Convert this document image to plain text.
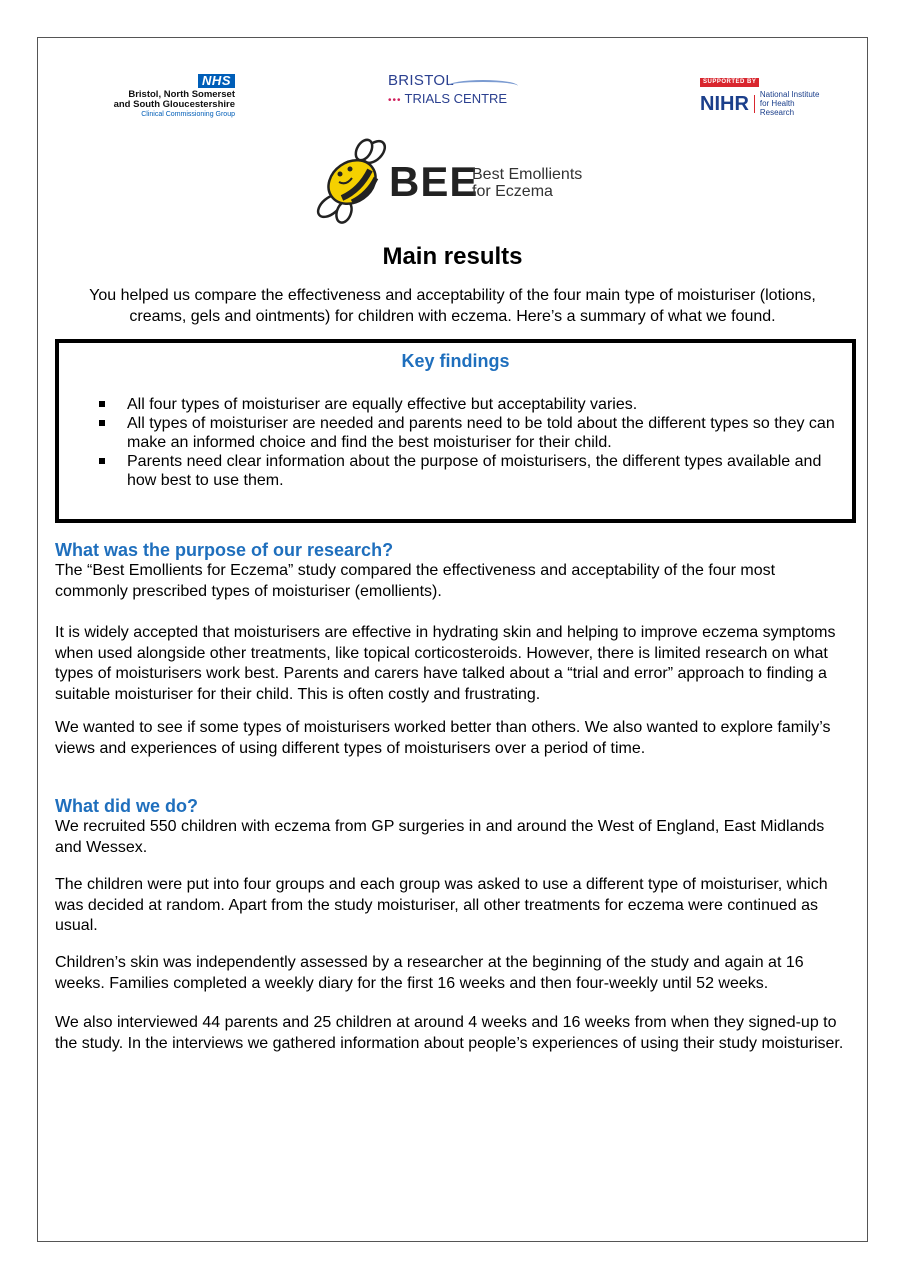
NHS
Bristol, North Somerset
and South Gloucestershire
Clinical Commissioning Group
BRISTOL
••• TRIALS CENTRE
SUPPORTED BY
NIHR National Institute
for Health Research
BEE
Best Emollients
for Eczema
Main results

You helped us compare the effectiveness and acceptability of the four main type of moisturiser (lotions, creams, gels and ointments) for children with eczema. Here’s a summary of what we found.

Key findings
All four types of moisturiser are equally effective but acceptability varies.
All types of moisturiser are needed and parents need to be told about the different types so they can make an informed choice and find the best moisturiser for their child.
Parents need clear information about the purpose of moisturisers, the different types available and how best to use them.
What was the purpose of our research?

The “Best Emollients for Eczema” study compared the effectiveness and acceptability of the four most commonly prescribed types of moisturiser (emollients).

It is widely accepted that moisturisers are effective in hydrating skin and helping to improve eczema symptoms when used alongside other treatments, like topical corticosteroids. However, there is limited research on what types of moisturisers work best. Parents and carers have talked about a “trial and error” approach to finding a suitable moisturiser for their child. This is often costly and frustrating.

We wanted to see if some types of moisturisers worked better than others. We also wanted to explore family’s views and experiences of using different types of moisturisers over a period of time.

What did we do?

We recruited 550 children with eczema from GP surgeries in and around the West of England, East Midlands and Wessex.

The children were put into four groups and each group was asked to use a different type of moisturiser, which was decided at random. Apart from the study moisturiser, all other treatments for eczema were continued as usual.

Children’s skin was independently assessed by a researcher at the beginning of the study and again at 16 weeks. Families completed a weekly diary for the first 16 weeks and then four-weekly until 52 weeks.

We also interviewed 44 parents and 25 children at around 4 weeks and 16 weeks from when they signed-up to the study. In the interviews we gathered information about people’s experiences of using their study moisturiser.
